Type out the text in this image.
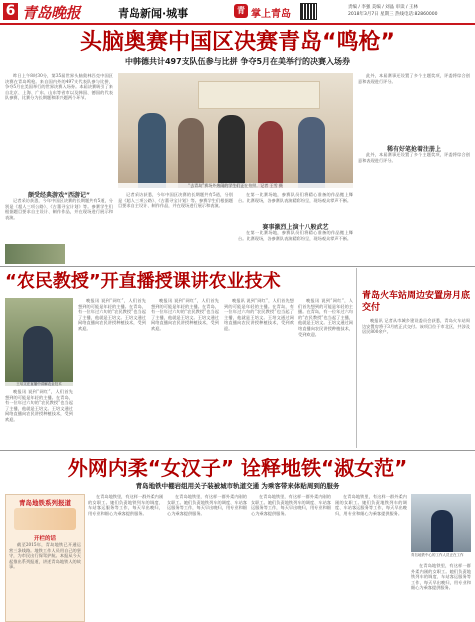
6 青岛晚报	青岛新闻·城事	青 掌上青岛
责编 / 李强 美编 / 刘晶 审读 / 王林
2018年3月7日 星期三 热线电话:82860000
头脑奥赛中国区决赛青岛“鸣枪”
中韩德共计497支队伍参与比拼 争夺5月在美举行的决赛入场券

昨日上午8时30分，第35届世界头脑奥林匹克中国区决赛在青岛鸣枪。来自国内外的497支代表队参与比拼，争夺5月在美国举行的世界决赛入场券。本届决赛吸引了来自北京、上海、广东、山东等省市以及韩国、德国的代表队参赛，比赛分为长期题和即兴题两个环节。

“去青岛”赛场外热闹的学生们正在拍照。记者 王雪 摄

此外，本届赛事还设置了多个主题奖项，评委将综合创意和表现进行评分。

稀有好笔抢着注册上

此外，本届赛事还设置了多个主题奖项，评委将综合创意和表现进行评分。

颇受经典游戏“西游记”

记者采访获悉，今年中国区决赛的长期题共有5道，分别是《超人三项公路》、《古董寻宝计划》等。参赛学生们根据题目要求自主设计、制作作品，并在现场进行展示和表演。

记者采访获悉，今年中国区决赛的长期题共有5道，分别是《超人三项公路》、《古董寻宝计划》等。参赛学生们根据题目要求自主设计、制作作品，并在现场进行展示和表演。

在第一比赛场地，参赛队员们将精心准备的作品搬上舞台。比赛现场，各参赛队表演精彩纷呈，现场观众掌声不断。

赛事激烈上演十八般武艺

在第一比赛场地，参赛队员们将精心准备的作品搬上舞台。比赛现场，各参赛队表演精彩纷呈，现场观众掌声不断。

“农民教授”开直播授课讲农业技术
王培文在直播中讲解农业技术

晚报讯 说到“网红”，人们首先想到的可能是年轻的主播。在青岛，有一位年过六旬的“农民教授”也当起了主播，他就是王培文。王培文通过网络直播向农民讲授种植技术，受到欢迎。

晚报讯 说到“网红”，人们首先想到的可能是年轻的主播。在青岛，有一位年过六旬的“农民教授”也当起了主播，他就是王培文。王培文通过网络直播向农民讲授种植技术，受到欢迎。

晚报讯 说到“网红”，人们首先想到的可能是年轻的主播。在青岛，有一位年过六旬的“农民教授”也当起了主播，他就是王培文。王培文通过网络直播向农民讲授种植技术，受到欢迎。

晚报讯 说到“网红”，人们首先想到的可能是年轻的主播。在青岛，有一位年过六旬的“农民教授”也当起了主播，他就是王培文。王培文通过网络直播向农民讲授种植技术，受到欢迎。

晚报讯 说到“网红”，人们首先想到的可能是年轻的主播。在青岛，有一位年过六旬的“农民教授”也当起了主播，他就是王培文。王培文通过网络直播向农民讲授种植技术，受到欢迎。

青岛火车站周边安置房月底交付

晚报讯 记者从市城乡建设委员会获悉，青岛火车站周边安置房将于3月底正式交付。该项目位于市北区，共涉及居民800余户。

外网内柔“女汉子” 诠释地铁“淑女范”
青岛地铁中棚岩组用关子装被城市轨道交通 为乘客带来体贴周到的服务
青岛地铁系列报道
开栏的话

截至2015年，青岛地铁已开通运营三条线路。地铁工作人员用自己的坚守，为市民出行保驾护航。本报从今天起推出系列报道，讲述青岛地铁人的故事。

在青岛地铁里，有这样一群外柔内刚的女职工。她们负责地铁列车的调度、车站客运服务等工作，每天早出晚归，用专业和细心为乘客提供服务。

在青岛地铁里，有这样一群外柔内刚的女职工。她们负责地铁列车的调度、车站客运服务等工作，每天早出晚归，用专业和细心为乘客提供服务。

在青岛地铁里，有这样一群外柔内刚的女职工。她们负责地铁列车的调度、车站客运服务等工作，每天早出晚归，用专业和细心为乘客提供服务。

在青岛地铁里，有这样一群外柔内刚的女职工。她们负责地铁列车的调度、车站客运服务等工作，每天早出晚归，用专业和细心为乘客提供服务。

青岛地铁中心的工作人员正在工作

在青岛地铁里，有这样一群外柔内刚的女职工。她们负责地铁列车的调度、车站客运服务等工作，每天早出晚归，用专业和细心为乘客提供服务。
